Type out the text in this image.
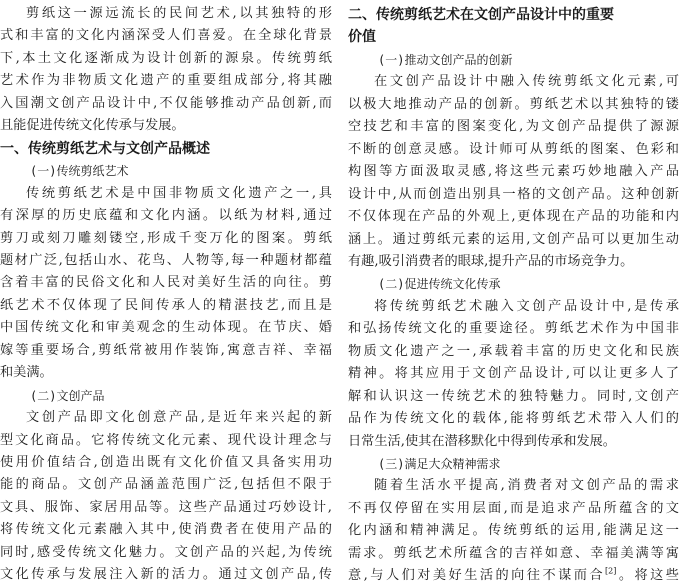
剪纸这一源远流长的民间艺术,以其独特的形
式和丰富的文化内涵深受人们喜爱。在全球化背景
下,本土文化逐渐成为设计创新的源泉。传统剪纸
艺术作为非物质文化遗产的重要组成部分,将其融
入国潮文创产品设计中,不仅能够推动产品创新,而
且能促进传统文化传承与发展。
一、传统剪纸艺术与文创产品概述
(一)传统剪纸艺术
传统剪纸艺术是中国非物质文化遗产之一,具
有深厚的历史底蕴和文化内涵。以纸为材料,通过
剪刀或刻刀雕刻镂空,形成千变万化的图案。剪纸
题材广泛,包括山水、花鸟、人物等,每一种题材都蕴
含着丰富的民俗文化和人民对美好生活的向往。剪
纸艺术不仅体现了民间传承人的精湛技艺,而且是
中国传统文化和审美观念的生动体现。在节庆、婚
嫁等重要场合,剪纸常被用作装饰,寓意吉祥、幸福
和美满。
(二)文创产品
文创产品即文化创意产品,是近年来兴起的新
型文化商品。它将传统文化元素、现代设计理念与
使用价值结合,创造出既有文化价值又具备实用功
能的商品。文创产品涵盖范围广泛,包括但不限于
文具、服饰、家居用品等。这些产品通过巧妙设计,
将传统文化元素融入其中,使消费者在使用产品的
同时,感受传统文化魅力。文创产品的兴起,为传统
文化传承与发展注入新的活力。通过文创产品,传
二、传统剪纸艺术在文创产品设计中的重要
价值
(一)推动文创产品的创新
在文创产品设计中融入传统剪纸文化元素,可
以极大地推动产品的创新。剪纸艺术以其独特的镂
空技艺和丰富的图案变化,为文创产品提供了源源
不断的创意灵感。设计师可从剪纸的图案、色彩和
构图等方面汲取灵感,将这些元素巧妙地融入产品
设计中,从而创造出别具一格的文创产品。这种创新
不仅体现在产品的外观上,更体现在产品的功能和内
涵上。通过剪纸元素的运用,文创产品可以更加生动
有趣,吸引消费者的眼球,提升产品的市场竞争力。
(二)促进传统文化传承
将传统剪纸艺术融入文创产品设计中,是传承
和弘扬传统文化的重要途径。剪纸艺术作为中国非
物质文化遗产之一,承载着丰富的历史文化和民族
精神。将其应用于文创产品设计,可以让更多人了
解和认识这一传统艺术的独特魅力。同时,文创产
品作为传统文化的载体,能将剪纸艺术带入人们的
日常生活,使其在潜移默化中得到传承和发展。
(三)满足大众精神需求
随着生活水平提高,消费者对文创产品的需求
不再仅停留在实用层面,而是追求产品所蕴含的文
化内涵和精神满足。传统剪纸的运用,能满足这一
需求。剪纸艺术所蕴含的吉祥如意、幸福美满等寓
意,与人们对美好生活的向往不谋而合[2]。将这些
